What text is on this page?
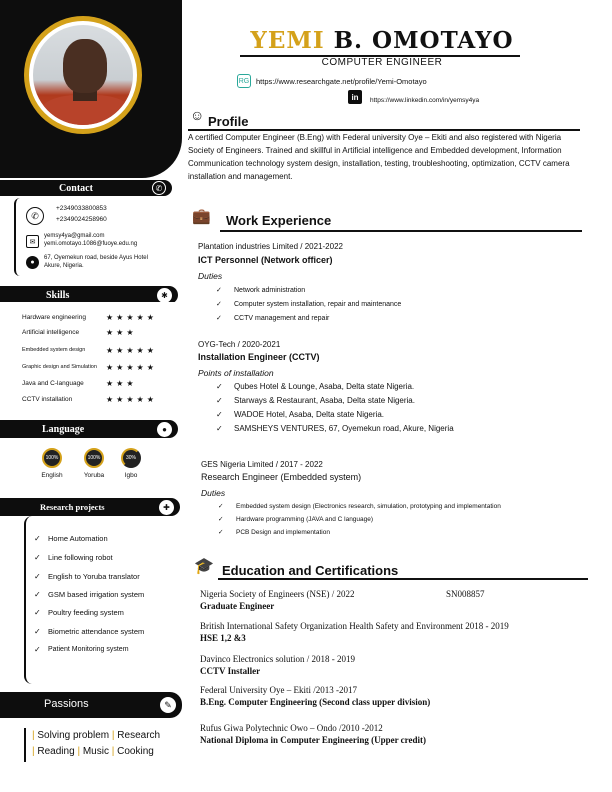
Contact	✆
✆
+2349033800853
+2349024258960
✉
yemsy4ya@gmail.com
yemi.omotayo.1086@fuoye.edu.ng
●
67, Oyemekun road, beside Ayus Hotel
Akure, Nigeria.
Skills	✱
Hardware engineering	★★★★★
Artificial intelligence	★★★
Embedded system design	★★★★★
Graphic design and Simulation	★★★★★
Java and C-language	★★★
CCTV installation	★★★★★
Language	●
100%
English
100%
Yoruba
30%
Igbo
Research projects	✚
✓ Home Automation
✓ Line following robot
✓ English to Yoruba translator
✓ GSM based irrigation system
✓ Poultry feeding system
✓ Biometric attendance system
✓	Patient Monitoring system
Passions	✎
| Solving problem | Research
| Reading | Music | Cooking
YEMI B. OMOTAYO
COMPUTER ENGINEER
RG https://www.researchgate.net/profile/Yemi-Omotayo
in	https://www.linkedin.com/in/yemsy4ya
☺ Profile
A certified Computer Engineer (B.Eng) with Federal university Oye – Ekiti and also registered with Nigeria Society of Engineers. Trained and skillful in Artificial intelligence and Embedded development, Information Communication technology system design, installation, testing, troubleshooting, optimization, CCTV camera installation and management.
💼 Work Experience
Plantation industries Limited / 2021-2022
ICT Personnel (Network officer)
Duties
✓ Network administration
✓ Computer system installation, repair and maintenance
✓ CCTV management and repair
OYG-Tech / 2020-2021
Installation Engineer (CCTV)
Points of installation
✓ Qubes Hotel & Lounge, Asaba, Delta state Nigeria.
✓ Starways & Restaurant, Asaba, Delta state Nigeria.
✓ WADOE Hotel, Asaba, Delta state Nigeria.
✓ SAMSHEYS VENTURES, 67, Oyemekun road, Akure, Nigeria
GES Nigeria Limited / 2017 - 2022
Research Engineer (Embedded system)
Duties
✓ Embedded system design (Electronics research, simulation, prototyping and implementation
✓ Hardware programming (JAVA and C language)
✓ PCB Design and implementation
🎓 Education and Certifications
Nigeria Society of Engineers (NSE) / 2022	SN008857
Graduate Engineer
British International Safety Organization Health Safety and Environment 2018 - 2019
HSE 1,2 &3
Davinco Electronics solution / 2018 - 2019
CCTV Installer
Federal University Oye – Ekiti /2013 -2017
B.Eng. Computer Engineering (Second class upper division)
Rufus Giwa Polytechnic Owo – Ondo /2010 -2012
National Diploma in Computer Engineering (Upper credit)
